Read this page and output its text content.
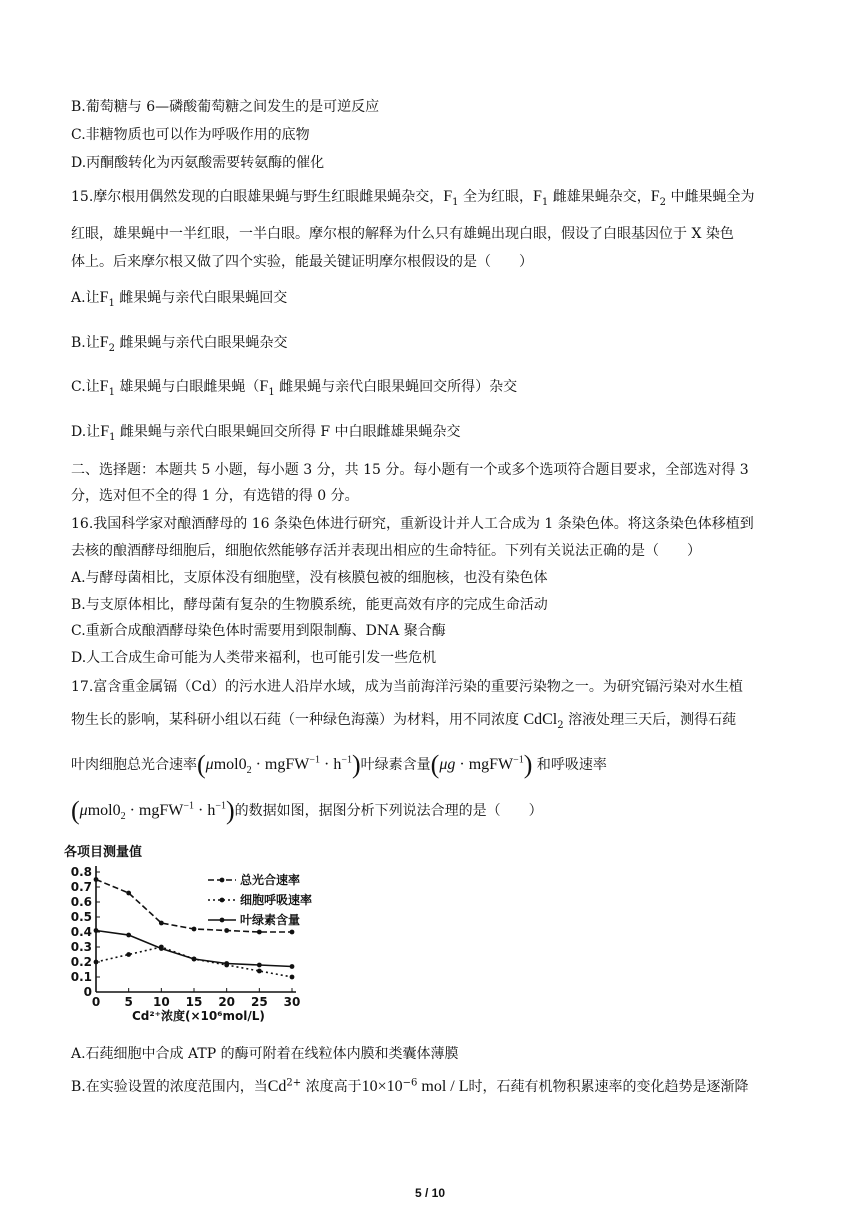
B.葡萄糖与 6—磷酸葡萄糖之间发生的是可逆反应
C.非糖物质也可以作为呼吸作用的底物
D.丙酮酸转化为丙氨酸需要转氨酶的催化
15.摩尔根用偶然发现的白眼雄果蝇与野生红眼雌果蝇杂交，$F_1$ 全为红眼，$F_1$ 雌雄果蝇杂交，$F_2$ 中雌果蝇全为
红眼，雄果蝇中一半红眼，一半白眼。摩尔根的解释为什么只有雄蝇出现白眼，假设了白眼基因位于 X 染色
体上。后来摩尔根又做了四个实验，能最关键证明摩尔根假设的是（　　）
A.让$F_1$ 雌果蝇与亲代白眼果蝇回交
B.让$F_2$ 雌果蝇与亲代白眼果蝇杂交
C.让$F_1$ 雄果蝇与白眼雌果蝇（$F_1$ 雌果蝇与亲代白眼果蝇回交所得）杂交
D.让$F_1$ 雌果蝇与亲代白眼果蝇回交所得 F 中白眼雌雄果蝇杂交
二、选择题：本题共 5 小题，每小题 3 分，共 15 分。每小题有一个或多个选项符合题目要求，全部选对得 3
分，选对但不全的得 1 分，有选错的得 0 分。
16.我国科学家对酿酒酵母的 16 条染色体进行研究，重新设计并人工合成为 1 条染色体。将这条染色体移植到
去核的酿酒酵母细胞后，细胞依然能够存活并表现出相应的生命特征。下列有关说法正确的是（　　）
A.与酵母菌相比，支原体没有细胞壁，没有核膜包被的细胞核，也没有染色体
B.与支原体相比，酵母菌有复杂的生物膜系统，能更高效有序的完成生命活动
C.重新合成酿酒酵母染色体时需要用到限制酶、DNA 聚合酶
D.人工合成生命可能为人类带来福利，也可能引发一些危机
17.富含重金属镉（Cd）的污水进人沿岸水域，成为当前海洋污染的重要污染物之一。为研究镉污染对水生植
物生长的影响，某科研小组以石莼（一种绿色海藻）为材料，用不同浓度 CdCl$_2$ 溶液处理三天后，测得石莼
叶肉细胞总光合速率($\mu mol0_2$ · mgFW$^{-1}$ · $h^{-1}$)叶绿素含量(μg · mgFW$^{-1}$) 和呼吸速率
($\mu mol0_2$ · mgFW$^{-1}$ · $h^{-1}$)的数据如图，据图分析下列说法合理的是（　　）
0
0.1
0.2
0.3
0.4
0.5
0.6
0.7
0.8
0 5 10 15 20 25 30
总光合速率
细胞呼吸速率
叶绿素含量
各项目测量值
Cd²⁺浓度(×10⁶mol/L)
A.石莼细胞中合成 ATP 的酶可附着在线粒体内膜和类囊体薄膜
B.在实验设置的浓度范围内，当$Cd^{2+}$ 浓度高于$10\times 10^{-6}$ mol / L时，石莼有机物积累速率的变化趋势是逐渐降
5 / 10
